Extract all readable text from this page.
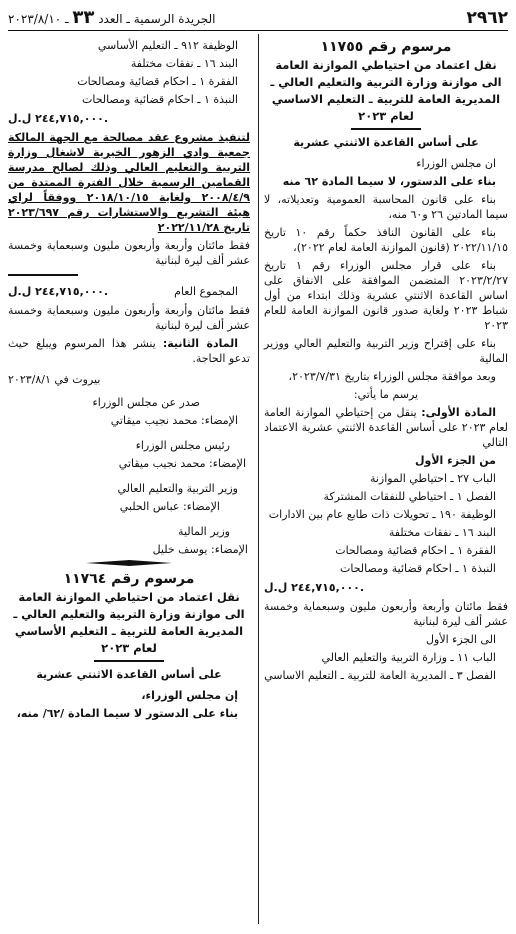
٢٩٦٢
الجريدة الرسمية ـ العدد ٣٣ ـ ٢٠٢٣/٨/١٠
مرسوم رقم ١١٧٥٥
نقل اعتماد من احتياطي الموازنة العامة
الى موازنة وزارة التربية والتعليم العالي ـ
المديرية العامة للتربية ـ التعليم الاساسي
لعام ٢٠٢٣

على أساس القاعدة الاثنتي عشرية

ان مجلس الوزراء

بناء على الدستور، لا سيما المادة ٦٢ منه

بناء على قانون المحاسبة العمومية وتعديلاته، لا سيما المادتين ٢٦ و٦٠ منه،

بناء على القانون النافذ حكماً رقم ١٠ تاريخ ٢٠٢٢/١١/١٥ (قانون الموازنة العامة لعام ٢٠٢٢)،

بناء على قرار مجلس الوزراء رقم ١ تاريخ ٢٠٢٣/٢/٢٧ المتضمن الموافقة على الانفاق على اساس القاعدة الاثنتي عشرية وذلك ابتداء من أول شباط ٢٠٢٣ ولغاية صدور قانون الموازنة العامة للعام ٢٠٢٣

بناء على إقتراح وزير التربية والتعليم العالي ووزير المالية

وبعد موافقة مجلس الوزراء بتاريخ ٢٠٢٣/٧/٣١،

يرسم ما يأتي:

المادة الأولى: ينقل من إحتياطي الموازنة العامة لعام ٢٠٢٣ على أساس القاعدة الاثنتي عشرية الاعتماد التالي

من الجزء الأول

الباب ٢٧ ـ احتياطي الموازنة

الفصل ١ ـ احتياطي للنفقات المشتركة

الوظيفة ١٩٠ ـ تحويلات ذات طابع عام بين الادارات

البند ١٦ ـ نفقات مختلفة

الفقرة ١ ـ احكام قضائية ومصالحات

النبذة ١ ـ احكام قضائية ومصالحات

٢٤٤,٧١٥,٠٠٠ ل.ل.

فقط مائتان وأربعة وأربعون مليون وسبعماية وخمسة عشر ألف ليرة لبنانية

الى الجزء الأول

الباب ١١ ـ وزارة التربية والتعليم العالي

الفصل ٣ ـ المديرية العامة للتربية ـ التعليم الاساسي

الوظيفة ٩١٢ ـ التعليم الأساسي

البند ١٦ ـ نفقات مختلفة

الفقرة ١ ـ احكام قضائية ومصالحات

النبذة ١ ـ احكام قضائية ومصالحات

٢٤٤,٧١٥,٠٠٠ ل.ل.

لتنفيذ مشروع عقد مصالحة مع الجهة المالكة جمعية وادي الزهور الخيرية لاشغال وزارة التربية والتعليم العالي وذلك لصالح مدرسة القمامين الرسمية خلال الفترة الممتدة من ٢٠٠٨/٤/٩ ولغاية ٢٠١٨/١٠/١٥ ووفقاً لراي هيئة التشريع والاستشارات رقم ٢٠٢٣/٦٩٧ تاريخ ٢٠٢٢/١١/٢٨

فقط مائتان وأربعة وأربعون مليون وسبعماية وخمسة عشر ألف ليرة لبنانية

المجموع العام
٢٤٤,٧١٥,٠٠٠ ل.ل.

فقط مائتان وأربعة وأربعون مليون وسبعماية وخمسة عشر ألف ليرة لبنانية

المادة الثانية: ينشر هذا المرسوم ويبلغ حيث تدعو الحاجة.

بيروت في ٢٠٢٣/٨/١

صدر عن مجلس الوزراء

الإمضاء: محمد نجيب ميقاتي

رئيس مجلس الوزراء

الإمضاء: محمد نجيب ميقاتي

وزير التربية والتعليم العالي

الإمضاء: عباس الحلبي

وزير المالية

الإمضاء: يوسف خليل

مرسوم رقم ١١٧٦٤
نقل اعتماد من احتياطي الموازنة العامة
الى موازنة وزارة التربية والتعليم العالي ـ
المديرية العامة للتربية ـ التعليم الأساسي
لعام ٢٠٢٣

على أساس القاعدة الاثنتي عشرية

إن مجلس الوزراء،

بناء على الدستور لا سيما المادة /٦٢/ منه،
